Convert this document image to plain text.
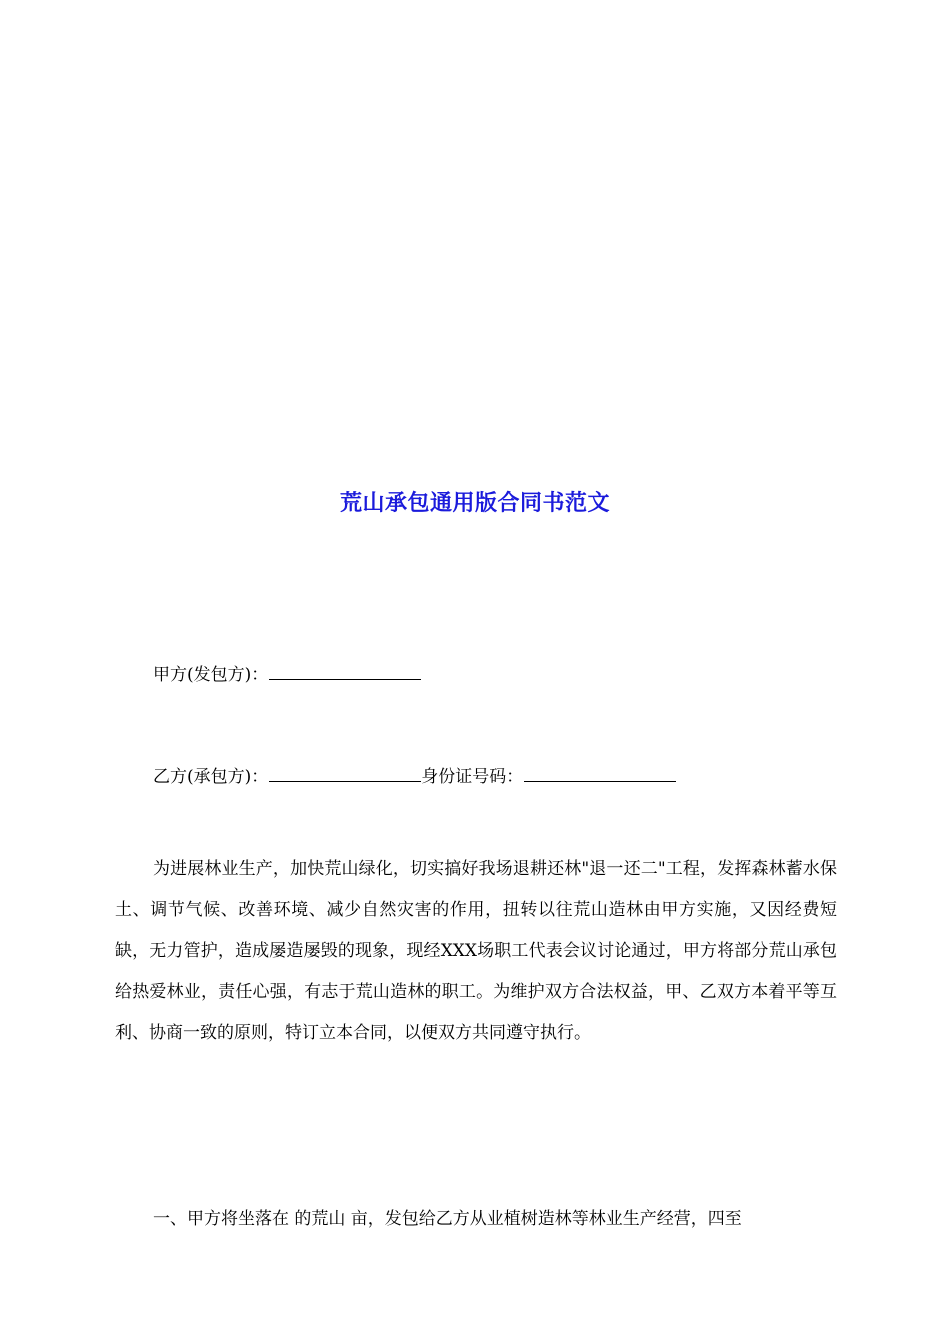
荒山承包通用版合同书范文
甲方(发包方)：
乙方(承包方)：	身份证号码：
为进展林业生产，加快荒山绿化，切实搞好我场退耕还林"退一还二"工程，发挥森林蓄水保土、调节气候、改善环境、减少自然灾害的作用，扭转以往荒山造林由甲方实施，又因经费短缺，无力管护，造成屡造屡毁的现象，现经XXX场职工代表会议讨论通过，甲方将部分荒山承包给热爱林业，责任心强，有志于荒山造林的职工。为维护双方合法权益，甲、乙双方本着平等互利、协商一致的原则，特订立本合同，以便双方共同遵守执行。
一、甲方将坐落在 的荒山 亩，发包给乙方从业植树造林等林业生产经营，四至
